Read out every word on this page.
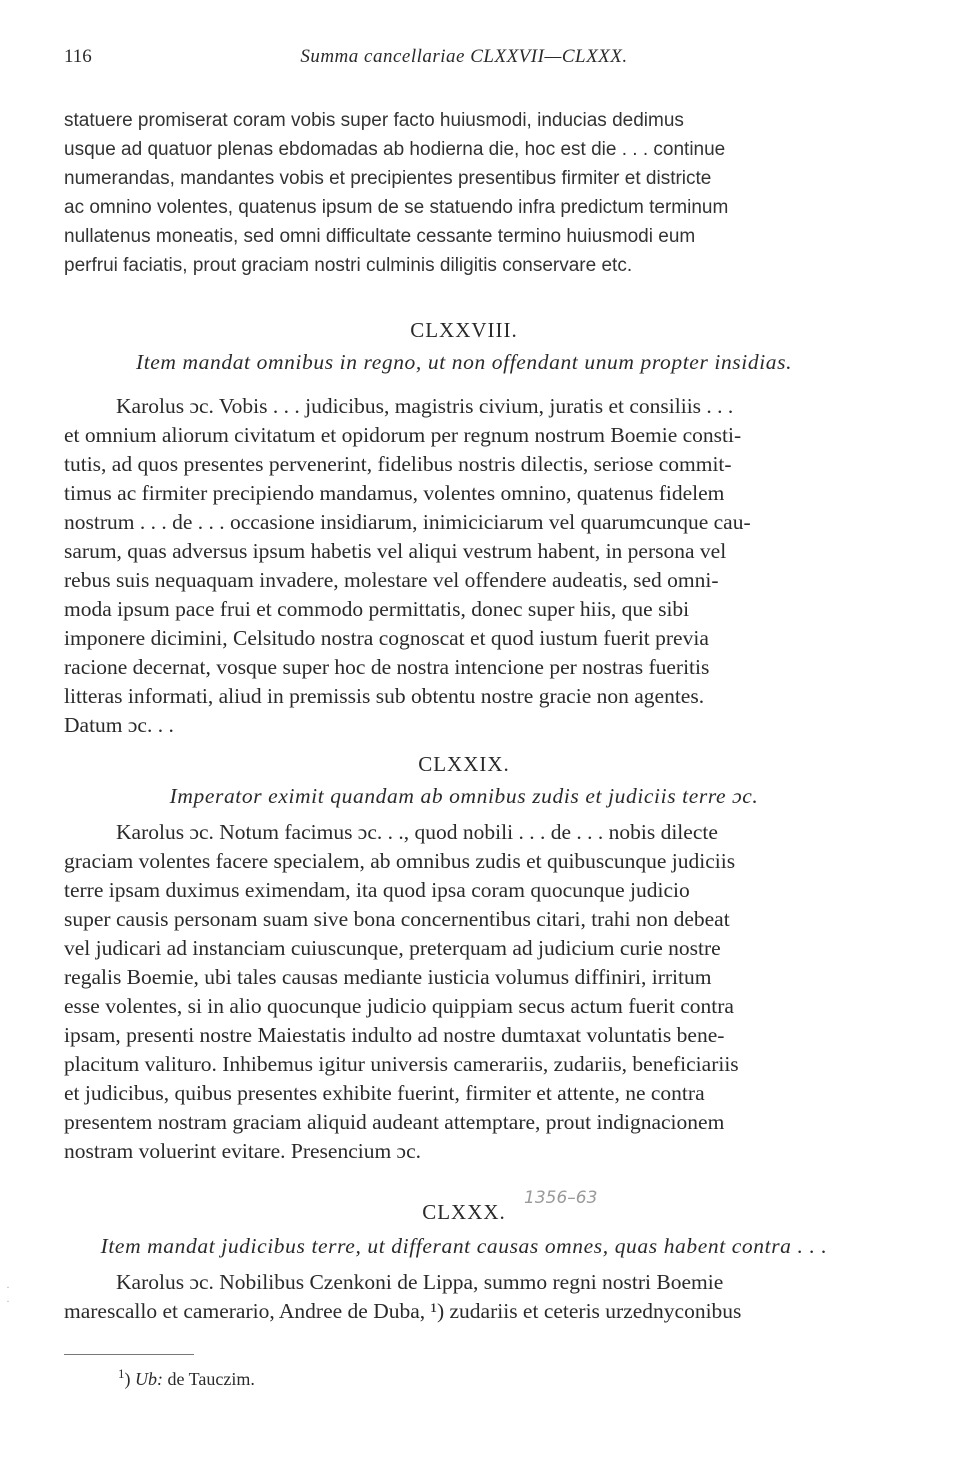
116	Summa cancellariae CLXXVII—CLXXX.
statuere promiserat coram vobis super facto huiusmodi, inducias dedimus
usque ad quatuor plenas ebdomadas ab hodierna die, hoc est die . . . continue
numerandas, mandantes vobis et precipientes presentibus firmiter et districte
ac omnino volentes, quatenus ipsum de se statuendo infra predictum terminum
nullatenus moneatis, sed omni difficultate cessante termino huiusmodi eum
perfrui faciatis, prout graciam nostri culminis diligitis conservare etc.
CLXXVIII.
Item mandat omnibus in regno, ut non offendant unum propter insidias.
Karolus ɔc. Vobis . . . judicibus, magistris civium, juratis et consiliis . . .
et omnium aliorum civitatum et opidorum per regnum nostrum Boemie consti-
tutis, ad quos presentes pervenerint, fidelibus nostris dilectis, seriose commit-
timus ac firmiter precipiendo mandamus, volentes omnino, quatenus fidelem
nostrum . . . de . . . occasione insidiarum, inimiciciarum vel quarumcunque cau-
sarum, quas adversus ipsum habetis vel aliqui vestrum habent, in persona vel
rebus suis nequaquam invadere, molestare vel offendere audeatis, sed omni-
moda ipsum pace frui et commodo permittatis, donec super hiis, que sibi
imponere dicimini, Celsitudo nostra cognoscat et quod iustum fuerit previa
racione decernat, vosque super hoc de nostra intencione per nostras fueritis
litteras informati, aliud in premissis sub obtentu nostre gracie non agentes.
Datum ɔc. . .
CLXXIX.
Imperator eximit quandam ab omnibus zudis et judiciis terre ɔc.
Karolus ɔc. Notum facimus ɔc. . ., quod nobili . . . de . . . nobis dilecte
graciam volentes facere specialem, ab omnibus zudis et quibuscunque judiciis
terre ipsam duximus eximendam, ita quod ipsa coram quocunque judicio
super causis personam suam sive bona concernentibus citari, trahi non debeat
vel judicari ad instanciam cuiuscunque, preterquam ad judicium curie nostre
regalis Boemie, ubi tales causas mediante iusticia volumus diffiniri, irritum
esse volentes, si in alio quocunque judicio quippiam secus actum fuerit contra
ipsam, presenti nostre Maiestatis indulto ad nostre dumtaxat voluntatis bene-
placitum valituro. Inhibemus igitur universis camerariis, zudariis, beneficiariis
et judicibus, quibus presentes exhibite fuerint, firmiter et attente, ne contra
presentem nostram graciam aliquid audeant attemptare, prout indignacionem
nostram voluerint evitare. Presencium ɔc.
CLXXX.
1356–63
Item mandat judicibus terre, ut differant causas omnes, quas habent contra . . .
Karolus ɔc. Nobilibus Czenkoni de Lippa, summo regni nostri Boemie
marescallo et camerario, Andree de Duba, ¹) zudariis et ceteris urzednyconibus
·
·
$^1$) Ub: de Tauczim.
